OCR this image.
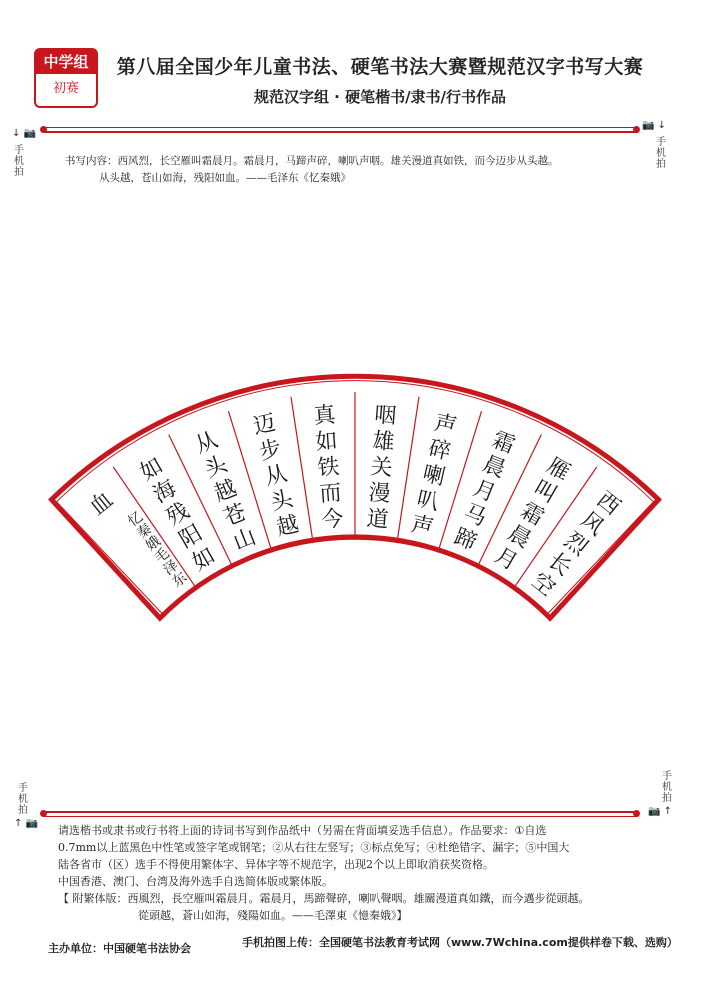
中学组
初赛
第八届全国少年儿童书法、硬笔书法大赛暨规范汉字书写大赛
规范汉字组 · 硬笔楷书/隶书/行书作品
↓ 📷
手机拍
📷 ↓
手机拍
书写内容：西风烈，长空雁叫霜晨月。霜晨月，马蹄声碎，喇叭声咽。雄关漫道真如铁，而今迈步从头越。
从头越，苍山如海，残阳如血。——毛泽东《忆秦娥》
西
风
烈
长
空
雁
叫
霜
晨
月
霜
晨
月
马
蹄
声
碎
喇
叭
声
咽
雄
关
漫
道
真
如
铁
而
今
迈
步
从
头
越
从
头
越
苍
山
如
海
残
阳
如
血 忆
秦
娥
毛
泽
东
手机拍
↑ 📷
手机拍
📷 ↑
请选楷书或隶书或行书将上面的诗词书写到作品纸中（另需在背面填妥选手信息）。作品要求：①自选
0.7mm以上蓝黑色中性笔或签字笔或钢笔；②从右往左竖写；③标点免写；④杜绝错字、漏字；⑤中国大
陆各省市（区）选手不得使用繁体字、异体字等不规范字，出现2个以上即取消获奖资格。
中国香港、澳门、台湾及海外选手自选简体版或繁体版。
【 附繁体版：西風烈，長空雁叫霜晨月。霜晨月，馬蹄聲碎，喇叭聲咽。雄關漫道真如鐵，而今邁步從頭越。
從頭越，蒼山如海，殘陽如血。——毛澤東《憶秦娥》】
主办单位：中国硬笔书法协会	手机拍图上传：全国硬笔书法教育考试网（www.7Wchina.com提供样卷下载、选购）
